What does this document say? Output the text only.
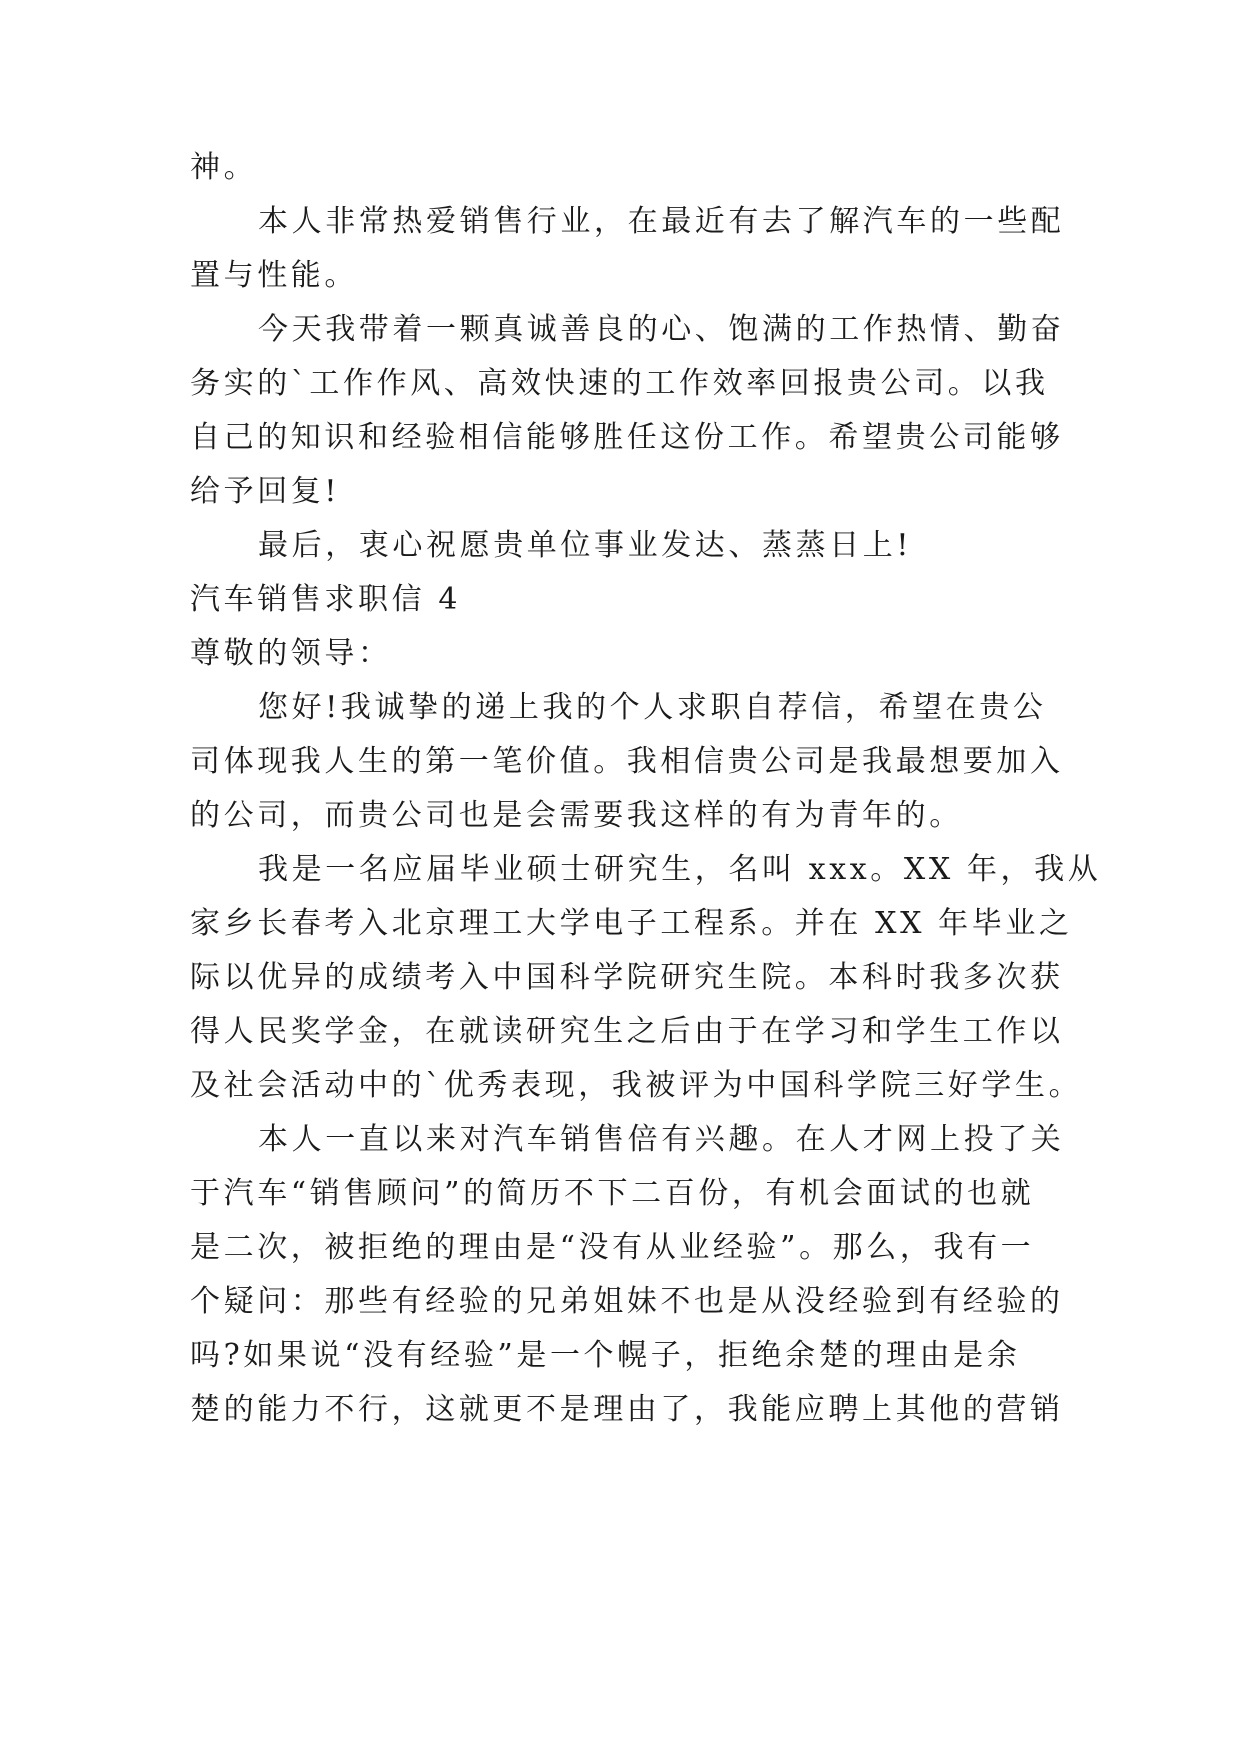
神。
本人非常热爱销售行业，在最近有去了解汽车的一些配
置与性能。
今天我带着一颗真诚善良的心、饱满的工作热情、勤奋
务实的`工作作风、高效快速的工作效率回报贵公司。以我
自己的知识和经验相信能够胜任这份工作。希望贵公司能够
给予回复!
最后，衷心祝愿贵单位事业发达、蒸蒸日上!
汽车销售求职信 4
尊敬的领导：
您好!我诚挚的递上我的个人求职自荐信，希望在贵公
司体现我人生的第一笔价值。我相信贵公司是我最想要加入
的公司，而贵公司也是会需要我这样的有为青年的。
我是一名应届毕业硕士研究生，名叫 xxx。XX 年，我从
家乡长春考入北京理工大学电子工程系。并在 XX 年毕业之
际以优异的成绩考入中国科学院研究生院。本科时我多次获
得人民奖学金，在就读研究生之后由于在学习和学生工作以
及社会活动中的`优秀表现，我被评为中国科学院三好学生。
本人一直以来对汽车销售倍有兴趣。在人才网上投了关
于汽车“销售顾问”的简历不下二百份，有机会面试的也就
是二次，被拒绝的理由是“没有从业经验”。那么，我有一
个疑问：那些有经验的兄弟姐妹不也是从没经验到有经验的
吗?如果说“没有经验”是一个幌子，拒绝余楚的理由是余
楚的能力不行，这就更不是理由了，我能应聘上其他的营销
